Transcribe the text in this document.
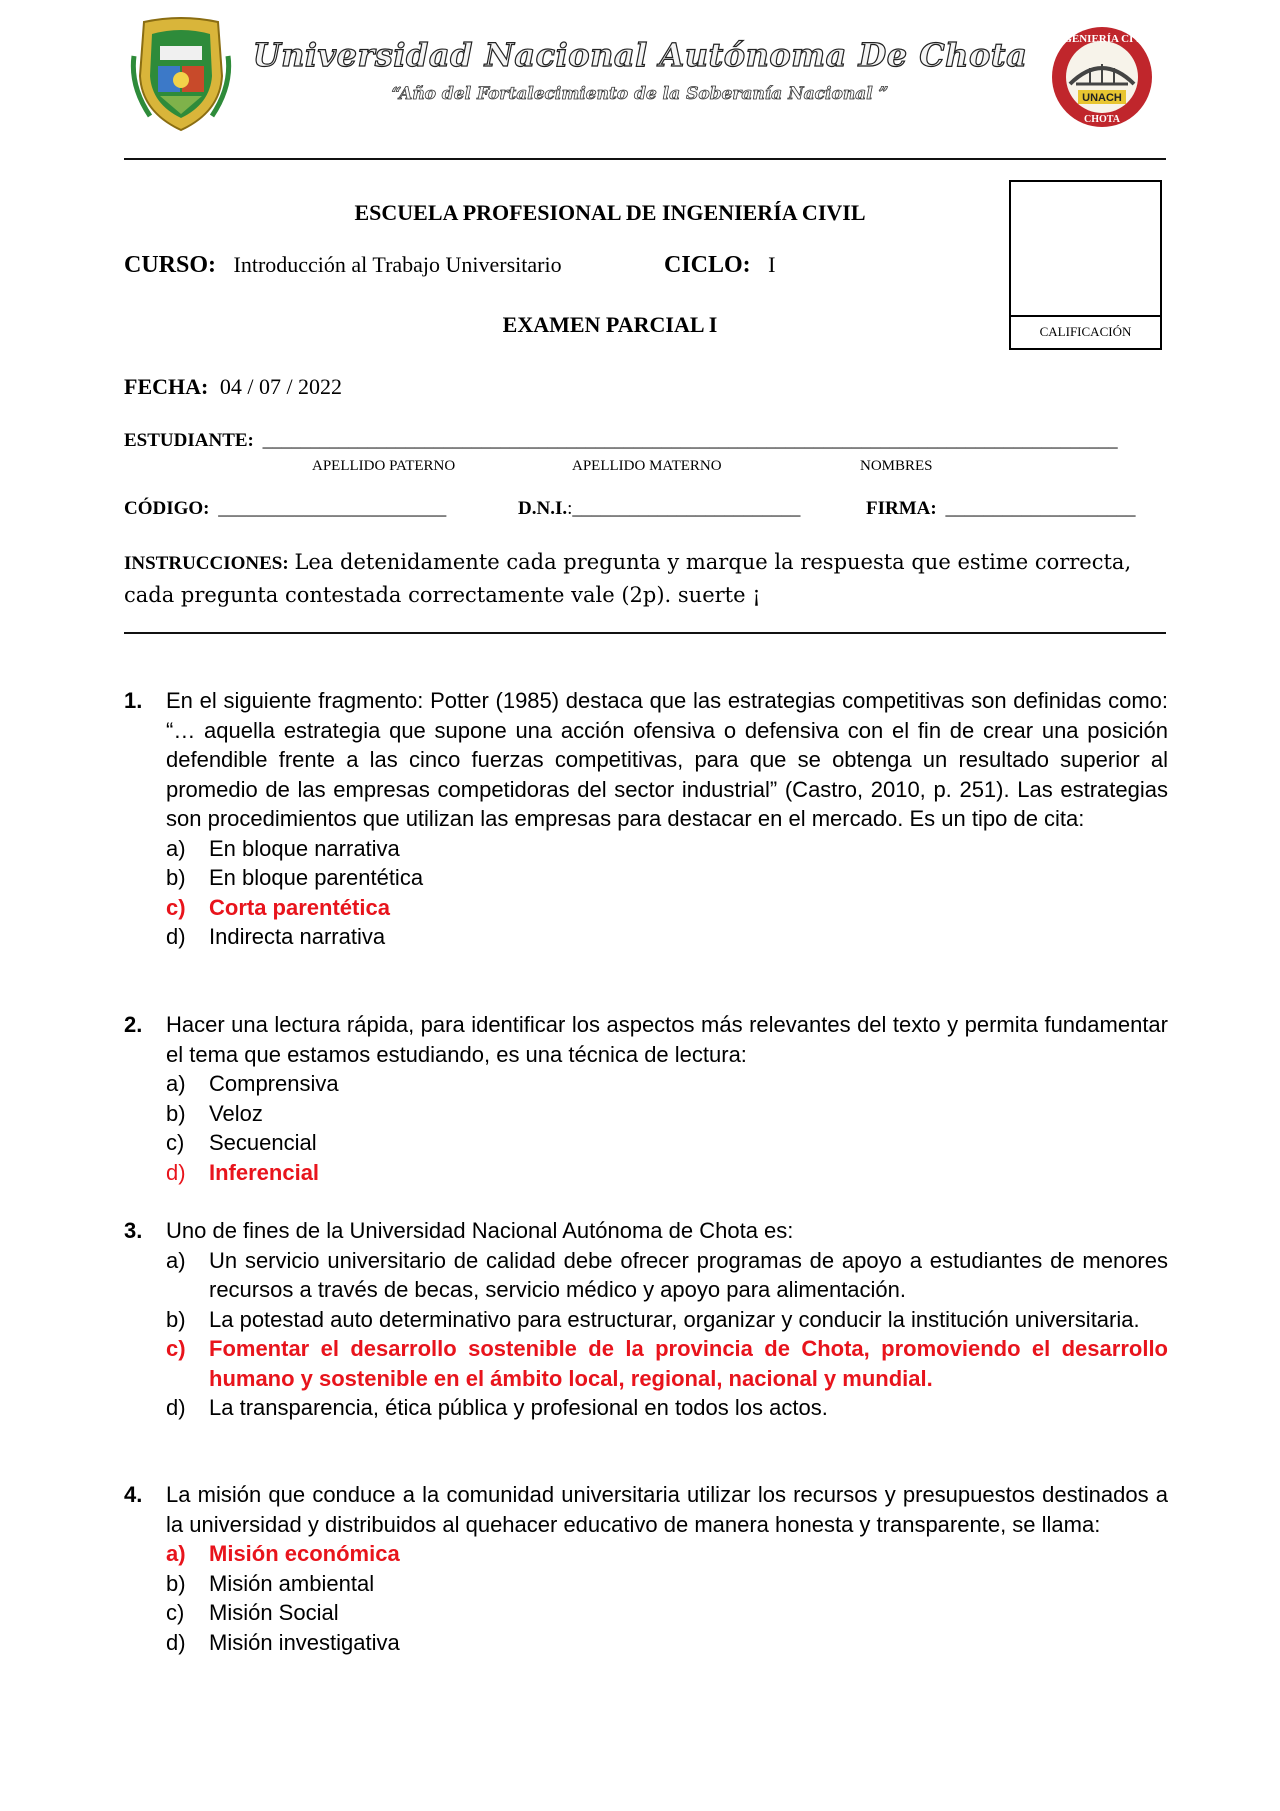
Universidad Nacional Autónoma De Chota
“Año del Fortalecimiento de la Soberanía Nacional ”	UNACH
INGENIERÍA CIVIL
CHOTA
ESCUELA PROFESIONAL DE INGENIERÍA CIVIL
CALIFICACIÓN
CURSO: Introducción al Trabajo Universitario	CICLO: I
EXAMEN PARCIAL I
FECHA: 04 / 07 / 2022
ESTUDIANTE: __________________________________________________________________________________________
APELLIDO PATERNO	APELLIDO MATERNO	NOMBRES
CÓDIGO: ________________________	D.N.I.:________________________	FIRMA: ____________________
INSTRUCCIONES: Lea detenidamente cada pregunta y marque la respuesta que estime correcta, cada pregunta contestada correctamente vale (2p). suerte ¡
1. En el siguiente fragmento: Potter (1985) destaca que las estrategias competitivas son definidas como: “… aquella estrategia que supone una acción ofensiva o defensiva con el fin de crear una posición defendible frente a las cinco fuerzas competitivas, para que se obtenga un resultado superior al promedio de las empresas competidoras del sector industrial” (Castro, 2010, p. 251). Las estrategias son procedimientos que utilizan las empresas para destacar en el mercado. Es un tipo de cita:
a)	En bloque narrativa
b)	En bloque parentética
c)	Corta parentética
d)	Indirecta narrativa
2. Hacer una lectura rápida, para identificar los aspectos más relevantes del texto y permita fundamentar el tema que estamos estudiando, es una técnica de lectura:
a)	Comprensiva
b)	Veloz
c)	Secuencial
d)	Inferencial
3. Uno de fines de la Universidad Nacional Autónoma de Chota es:
a)	Un servicio universitario de calidad debe ofrecer programas de apoyo a estudiantes de menores recursos a través de becas, servicio médico y apoyo para alimentación.
b)	La potestad auto determinativo para estructurar, organizar y conducir la institución universitaria.
c)	Fomentar el desarrollo sostenible de la provincia de Chota, promoviendo el desarrollo humano y sostenible en el ámbito local, regional, nacional y mundial.
d)	La transparencia, ética pública y profesional en todos los actos.
4. La misión que conduce a la comunidad universitaria utilizar los recursos y presupuestos destinados a la universidad y distribuidos al quehacer educativo de manera honesta y transparente, se llama:
a)	Misión económica
b)	Misión ambiental
c)	Misión Social
d)	Misión investigativa
